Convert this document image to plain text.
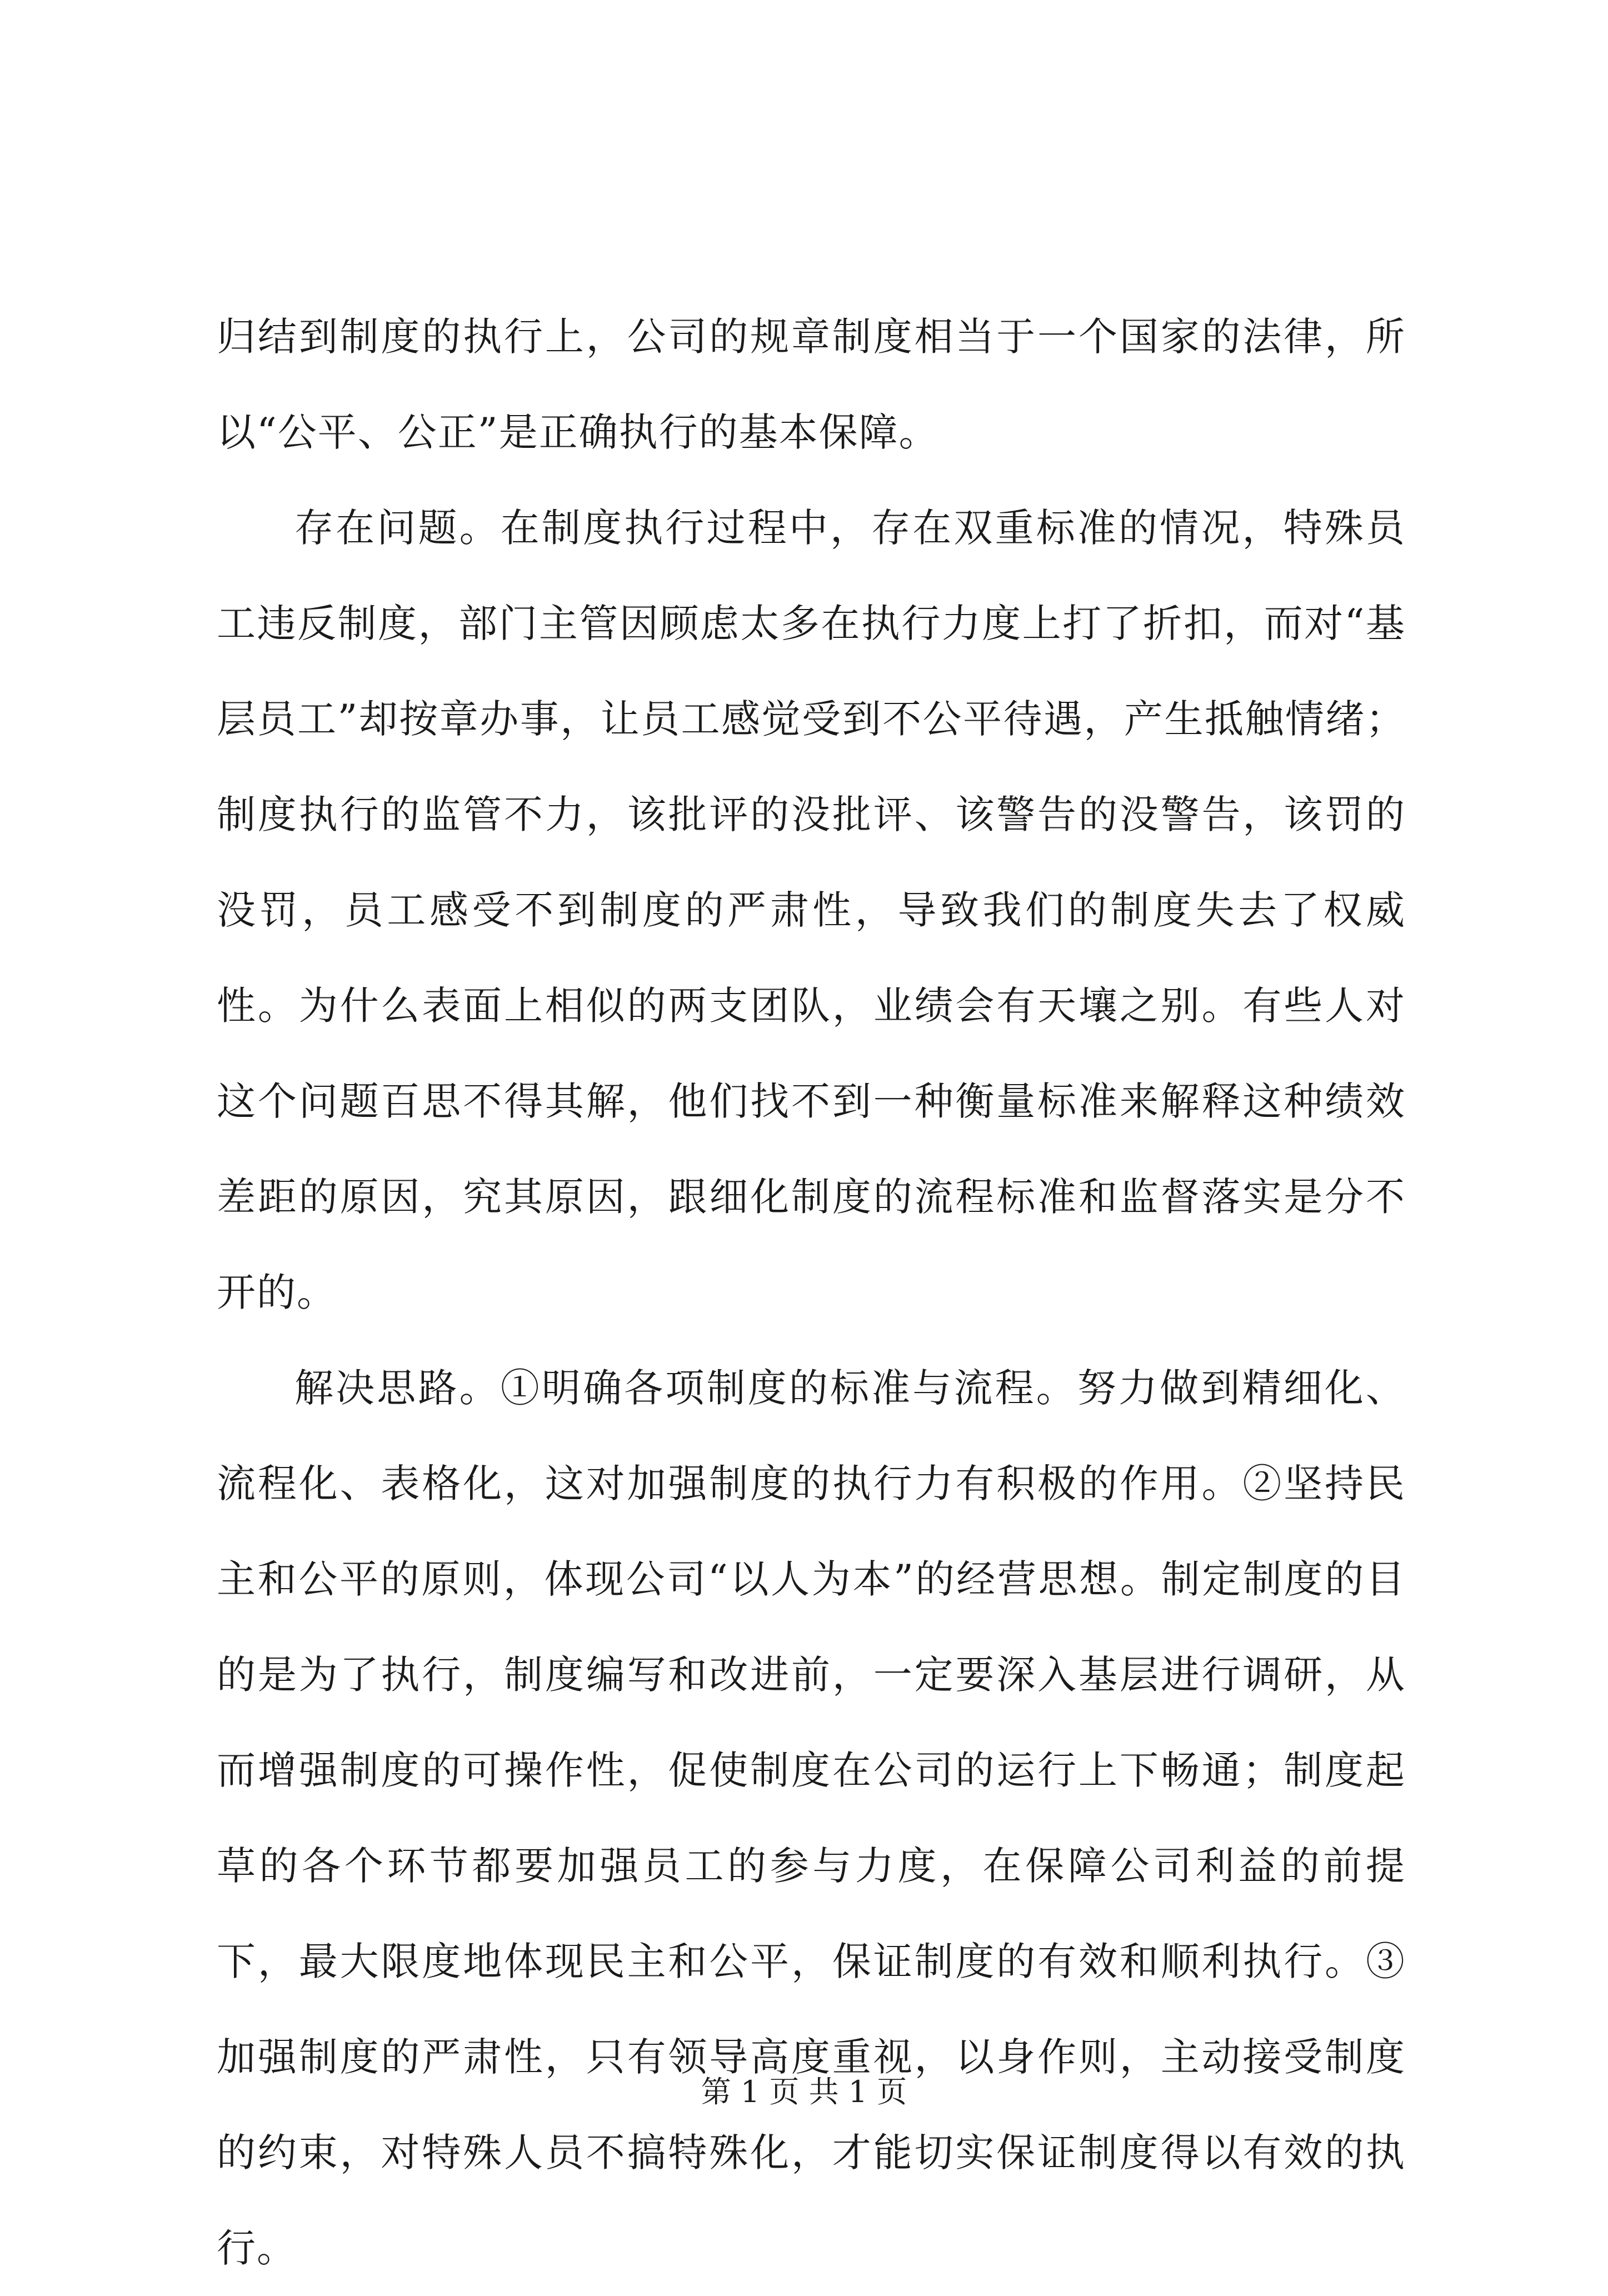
归结到制度的执行上，公司的规章制度相当于一个国家的法律，所以“公平、公正”是正确执行的基本保障。

存在问题。在制度执行过程中，存在双重标准的情况，特殊员工违反制度，部门主管因顾虑太多在执行力度上打了折扣，而对“基层员工”却按章办事，让员工感觉受到不公平待遇，产生抵触情绪；制度执行的监管不力，该批评的没批评、该警告的没警告，该罚的没罚，员工感受不到制度的严肃性，导致我们的制度失去了权威性。为什么表面上相似的两支团队，业绩会有天壤之别。有些人对这个问题百思不得其解，他们找不到一种衡量标准来解释这种绩效差距的原因，究其原因，跟细化制度的流程标准和监督落实是分不开的。

解决思路。①明确各项制度的标准与流程。努力做到精细化、流程化、表格化，这对加强制度的执行力有积极的作用。②坚持民主和公平的原则，体现公司“以人为本”的经营思想。制定制度的目的是为了执行，制度编写和改进前，一定要深入基层进行调研，从而增强制度的可操作性，促使制度在公司的运行上下畅通；制度起草的各个环节都要加强员工的参与力度，在保障公司利益的前提下，最大限度地体现民主和公平，保证制度的有效和顺利执行。③加强制度的严肃性，只有领导高度重视，以身作则，主动接受制度的约束，对特殊人员不搞特殊化，才能切实保证制度得以有效的执行。

第 1 页 共 1 页
